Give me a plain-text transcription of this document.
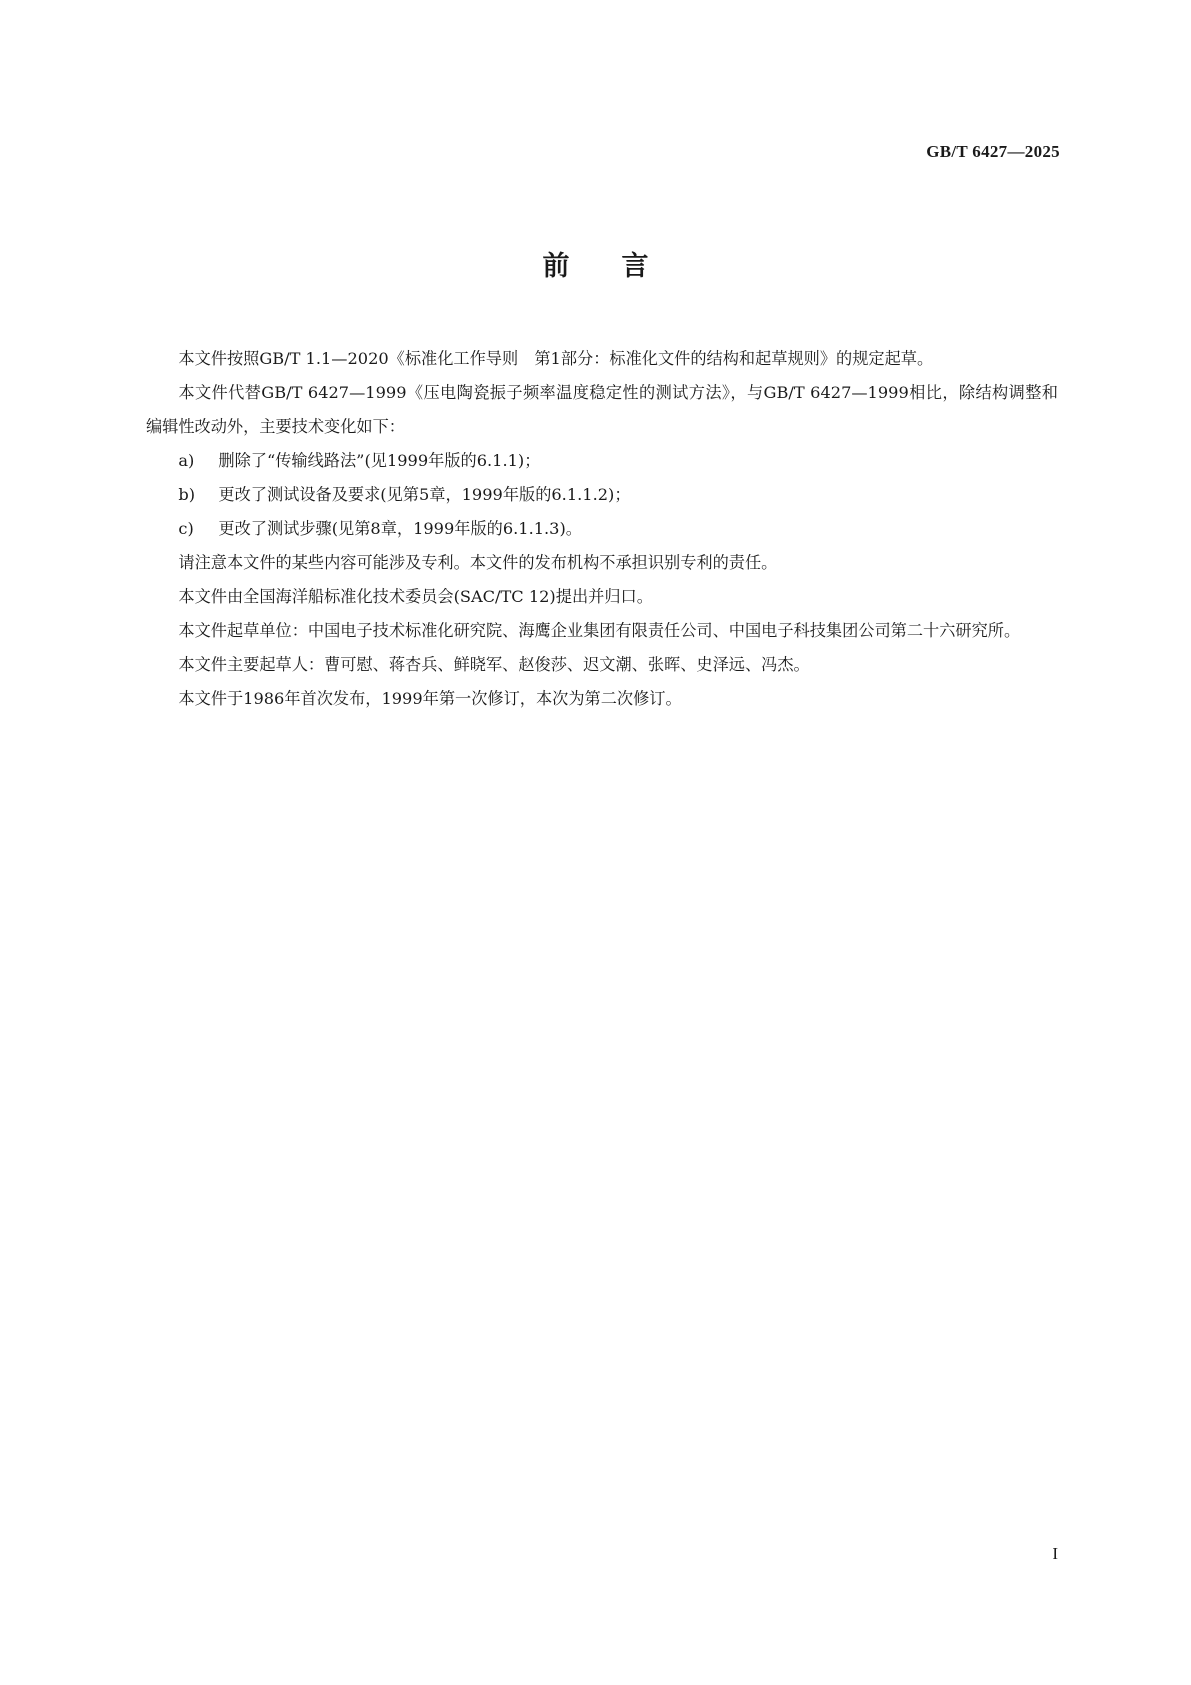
GB/T 6427—2025
前言

本文件按照GB/T 1.1—2020《标准化工作导则　第1部分：标准化文件的结构和起草规则》的规定起草。

本文件代替GB/T 6427—1999《压电陶瓷振子频率温度稳定性的测试方法》，与GB/T 6427—1999相比，除结构调整和编辑性改动外，主要技术变化如下：

a)	删除了“传输线路法”(见1999年版的6.1.1)；

b)	更改了测试设备及要求(见第5章，1999年版的6.1.1.2)；

c)	更改了测试步骤(见第8章，1999年版的6.1.1.3)。

请注意本文件的某些内容可能涉及专利。本文件的发布机构不承担识别专利的责任。

本文件由全国海洋船标准化技术委员会(SAC/TC 12)提出并归口。

本文件起草单位：中国电子技术标准化研究院、海鹰企业集团有限责任公司、中国电子科技集团公司第二十六研究所。

本文件主要起草人：曹可慰、蒋杏兵、鲜晓军、赵俊莎、迟文潮、张晖、史泽远、冯杰。

本文件于1986年首次发布，1999年第一次修订，本次为第二次修订。

I
